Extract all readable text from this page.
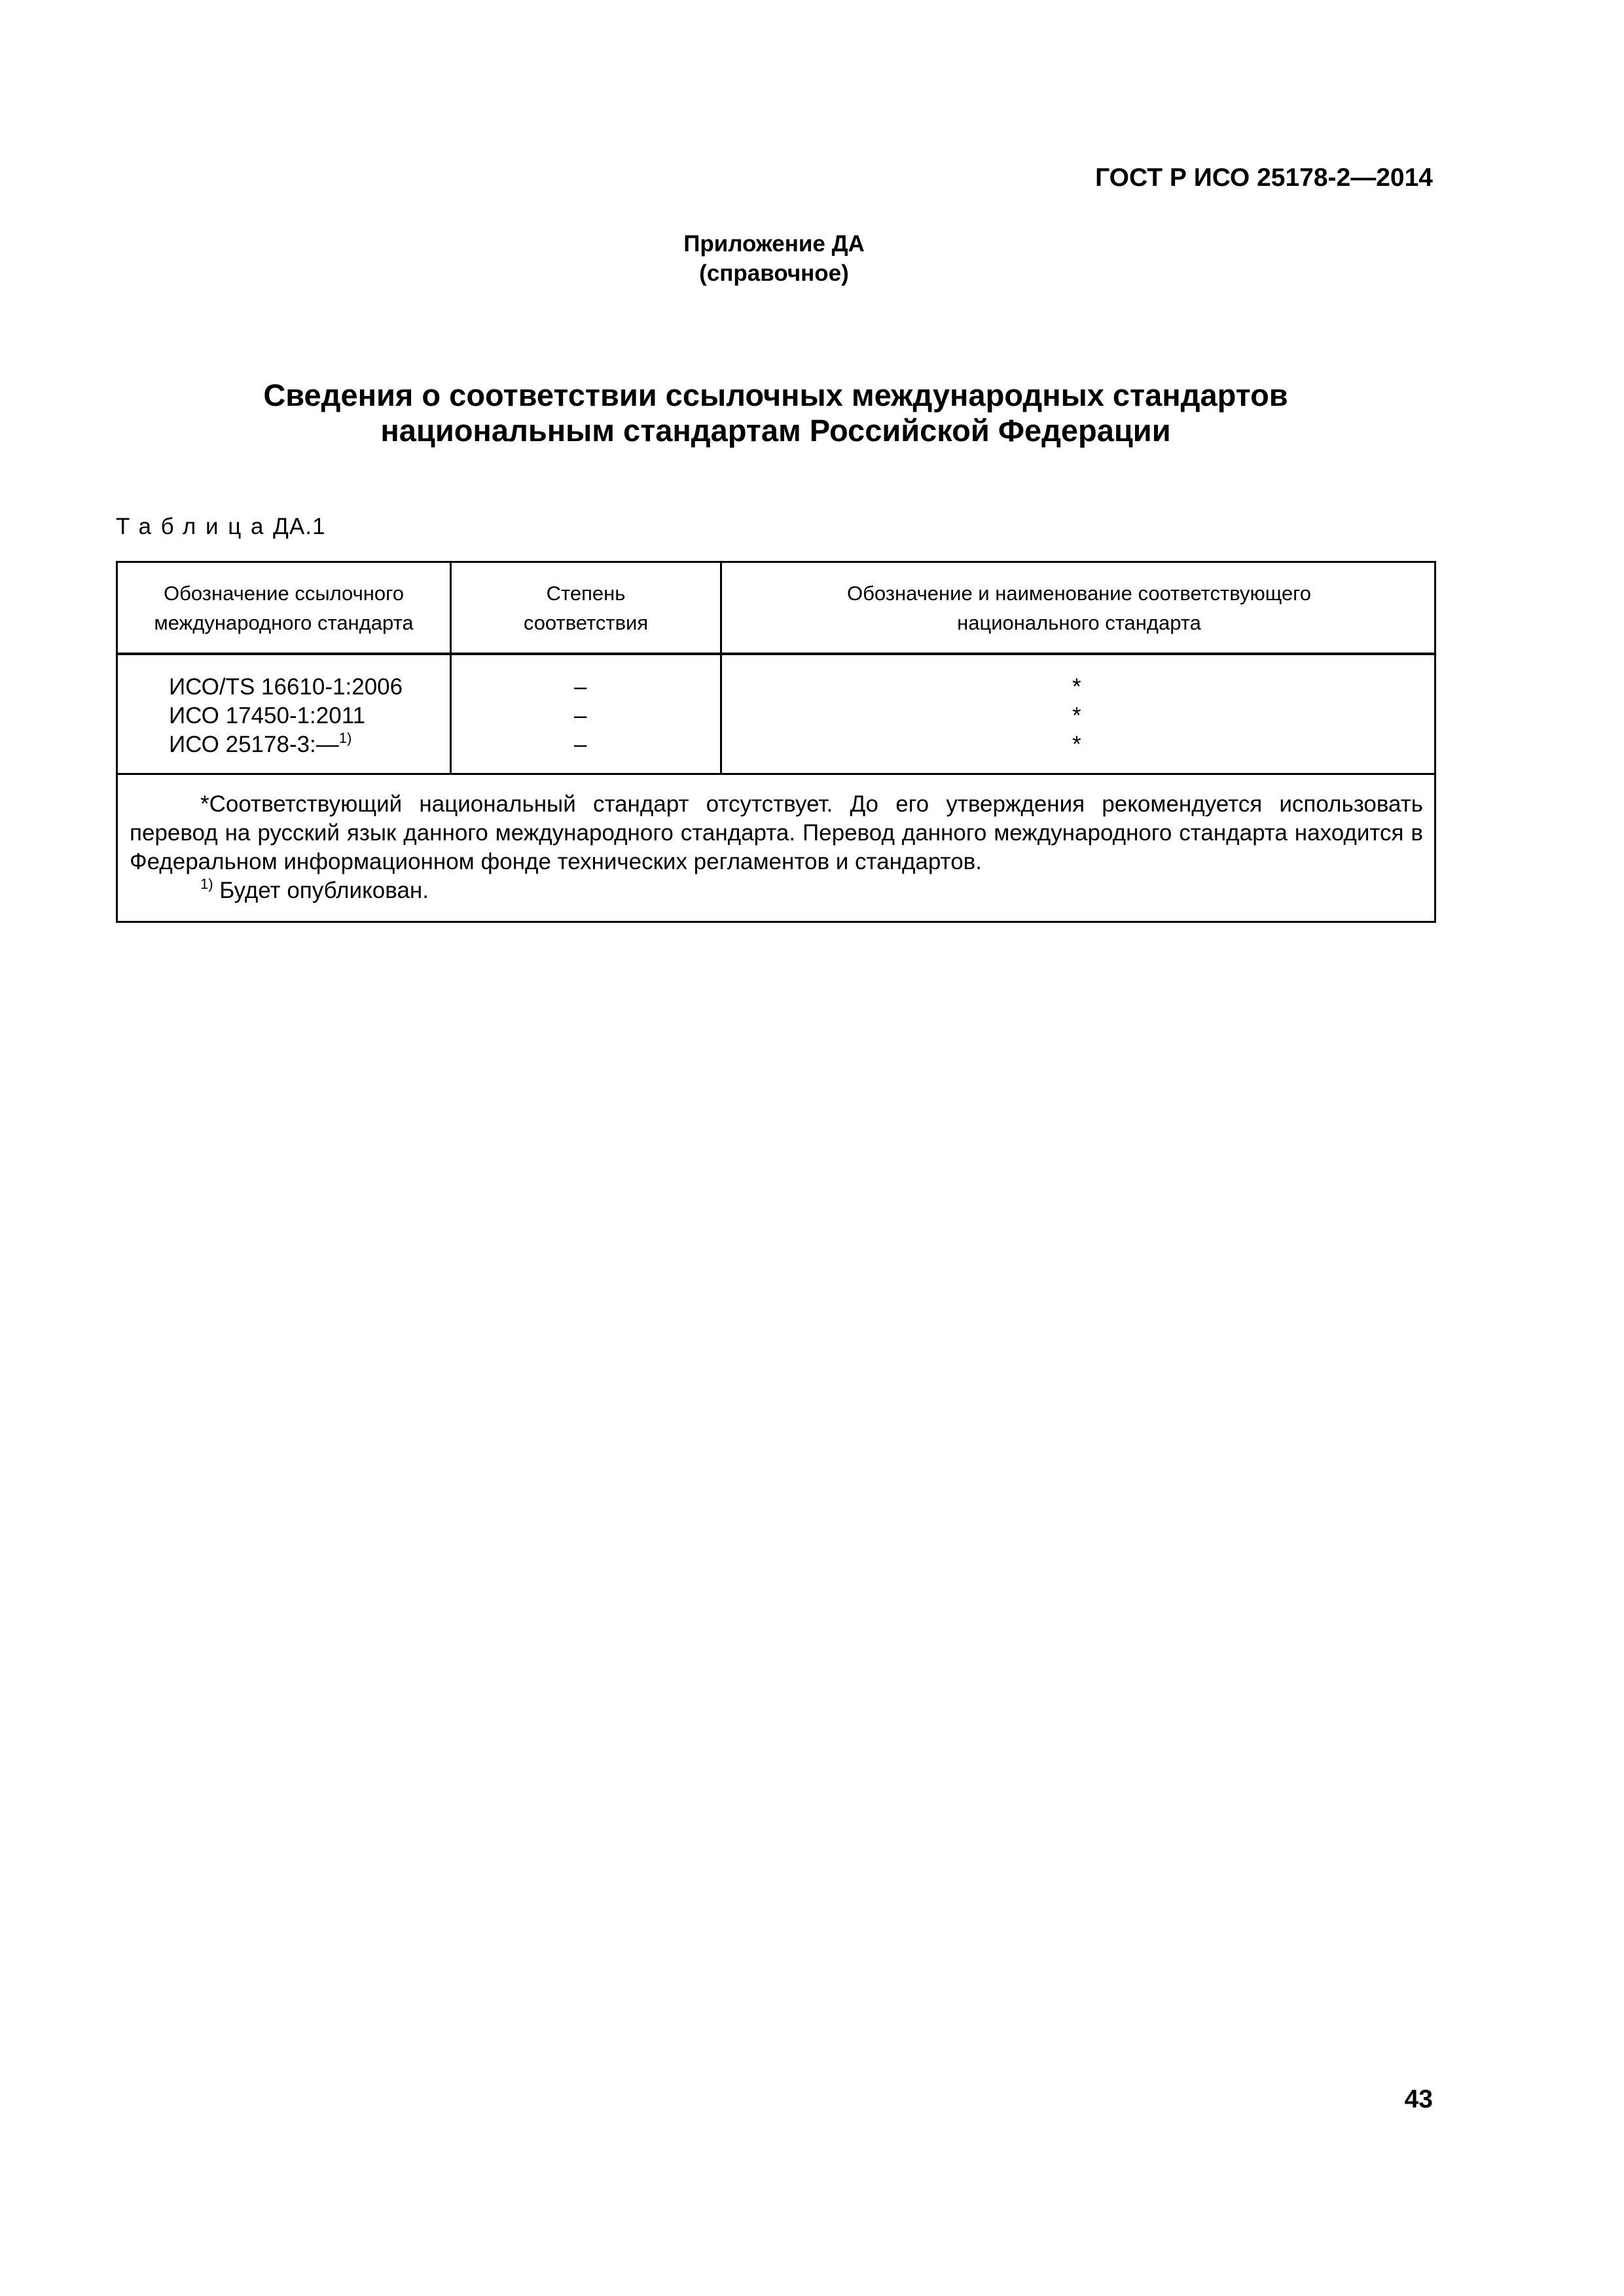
ГОСТ Р ИСО 25178-2—2014
Приложение ДА
(справочное)
Сведения о соответствии ссылочных международных стандартов
национальным стандартам Российской Федерации
ТаблицаДА.1
Обозначение ссылочного
международного стандарта
Степень
соответствия
Обозначение и наименование соответствующего
национального стандарта
ИСО/TS 16610-1:2006
ИСО 17450-1:2011
ИСО 25178-3:—$^{1)}$
–
–
–
*
*
*

*Соответствующий национальный стандарт отсутствует. До его утверждения рекомендуется использовать перевод на русский язык данного международного стандарта. Перевод данного международного стандарта находится в Федеральном информационном фонде технических регламентов и стандартов.

$^{1)}$ Будет опубликован.

43
